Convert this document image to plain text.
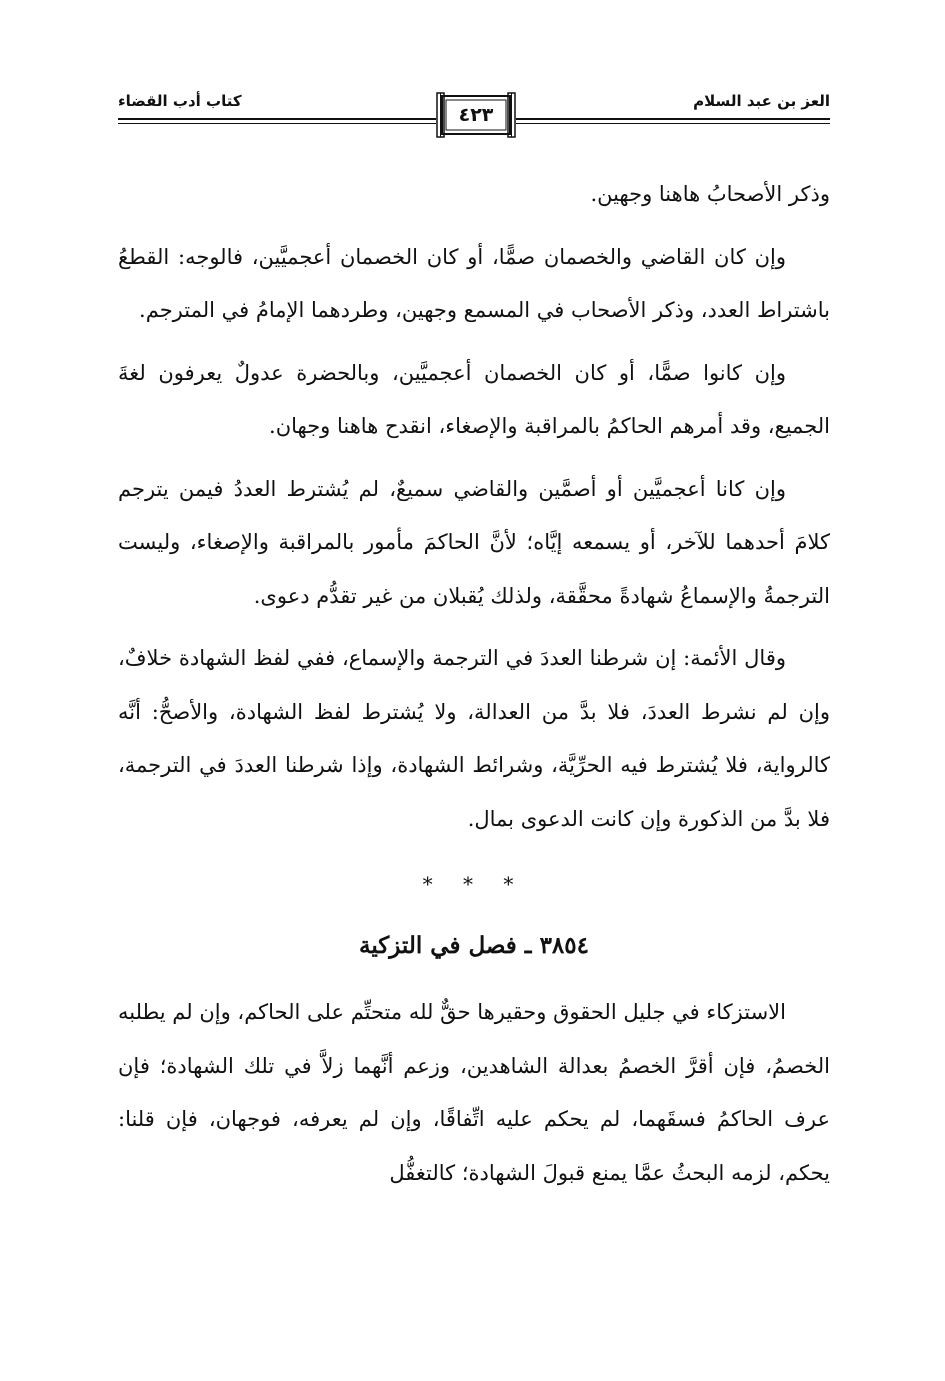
كتاب أدب القضاء	العز بن عبد السلام
٤٢٣

وذكر الأصحابُ هاهنا وجهين.

وإن كان القاضي والخصمان صمًّا، أو كان الخصمان أعجميَّين، فالوجه: القطعُ باشتراط العدد، وذكر الأصحاب في المسمع وجهين، وطردهما الإمامُ في المترجم.

وإن كانوا صمًّا، أو كان الخصمان أعجميَّين، وبالحضرة عدولٌ يعرفون لغةَ الجميع، وقد أمرهم الحاكمُ بالمراقبة والإصغاء، انقدح هاهنا وجهان.

وإن كانا أعجميَّين أو أصمَّين والقاضي سميعٌ، لم يُشترط العددُ فيمن يترجم كلامَ أحدهما للآخر، أو يسمعه إيَّاه؛ لأنَّ الحاكمَ مأمور بالمراقبة والإصغاء، وليست الترجمةُ والإسماعُ شهادةً محقَّقة، ولذلك يُقبلان من غير تقدُّم دعوى.

وقال الأئمة: إن شرطنا العددَ في الترجمة والإسماع، ففي لفظ الشهادة خلافٌ، وإن لم نشرط العددَ، فلا بدَّ من العدالة، ولا يُشترط لفظ الشهادة، والأصحُّ: أنَّه كالرواية، فلا يُشترط فيه الحرِّيَّة، وشرائط الشهادة، وإذا شرطنا العددَ في الترجمة، فلا بدَّ من الذكورة وإن كانت الدعوى بمال.

* * *
٣٨٥٤ ـ فصل في التزكية

الاستزكاء في جليل الحقوق وحقيرها حقٌّ لله متحتِّم على الحاكم، وإن لم يطلبه الخصمُ، فإن أقرَّ الخصمُ بعدالة الشاهدين، وزعم أنَّهما زلاَّ في تلك الشهادة؛ فإن عرف الحاكمُ فسقَهما، لم يحكم عليه اتِّفاقًا، وإن لم يعرفه، فوجهان، فإن قلنا: يحكم، لزمه البحثُ عمَّا يمنع قبولَ الشهادة؛ كالتغفُّل
